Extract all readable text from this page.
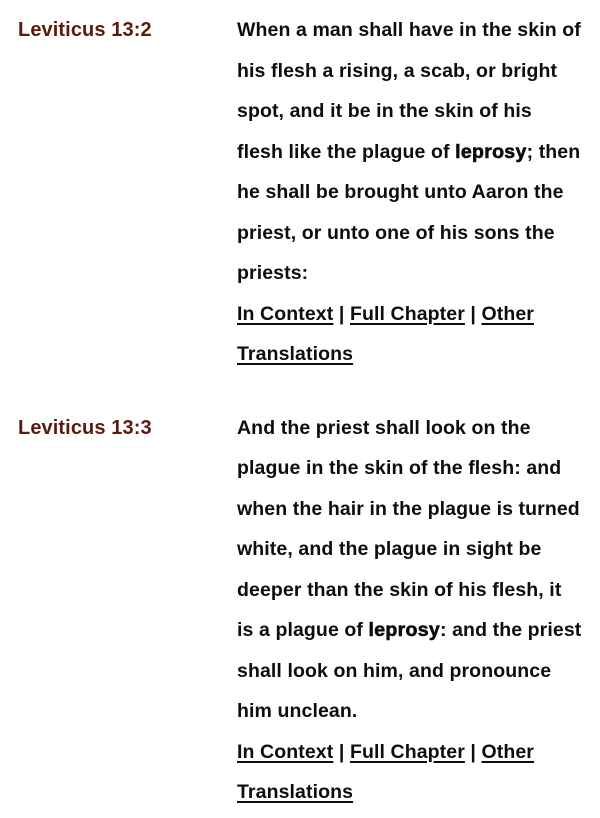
Leviticus 13:2	When a man shall have in the skin of his flesh a rising, a scab, or bright spot, and it be in the skin of his flesh like the plague of leprosy; then he shall be brought unto Aaron the priest, or unto one of his sons the priests:
In Context | Full Chapter | Other Translations
Leviticus 13:3	And the priest shall look on the plague in the skin of the flesh: and when the hair in the plague is turned white, and the plague in sight be deeper than the skin of his flesh, it is a plague of leprosy: and the priest shall look on him, and pronounce him unclean.
In Context | Full Chapter | Other Translations
